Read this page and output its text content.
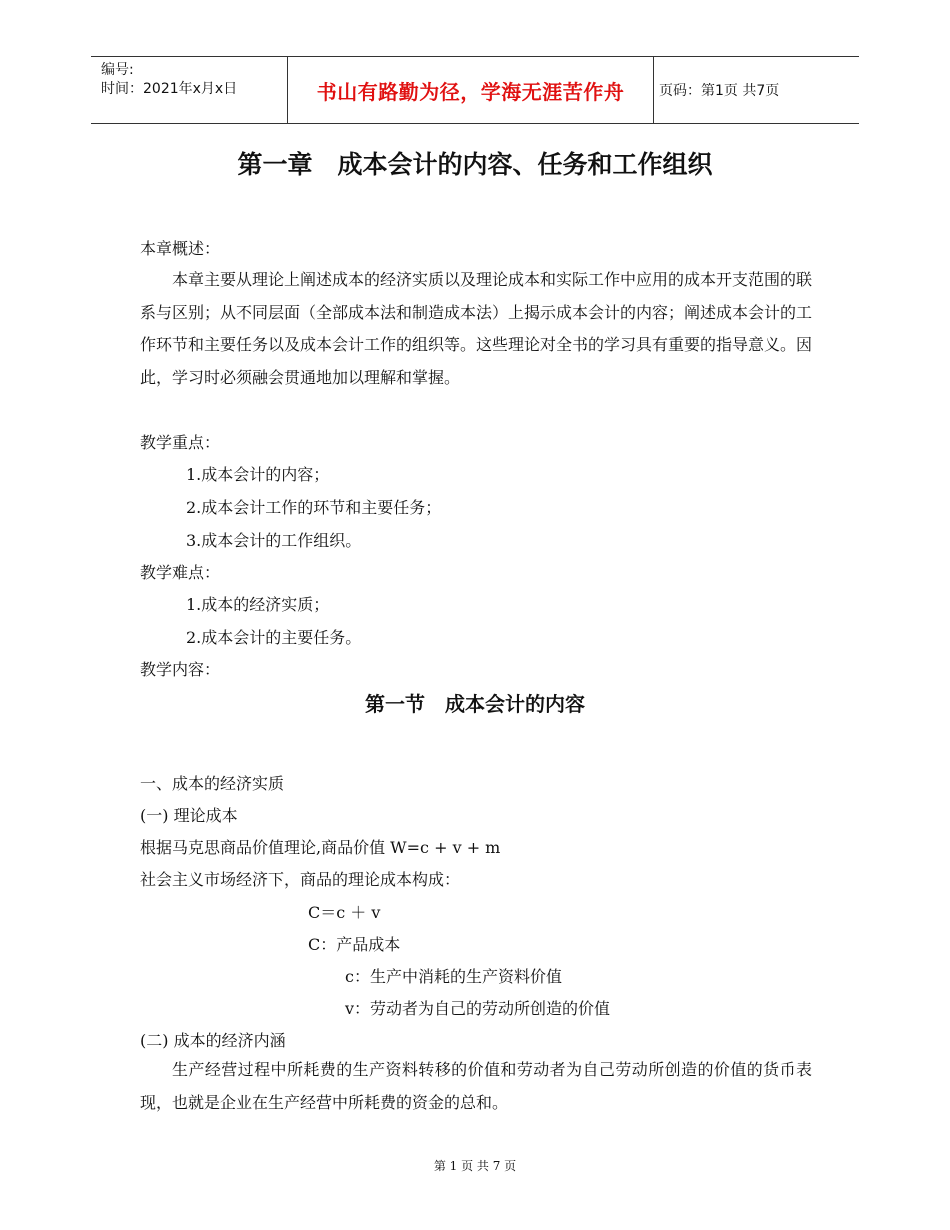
编号:
时间：2021年x月x日	书山有路勤为径，学海无涯苦作舟 页码：第1页 共7页
第一章　成本会计的内容、任务和工作组织
本章概述：
本章主要从理论上阐述成本的经济实质以及理论成本和实际工作中应用的成本开支范围的联系与区别；从不同层面（全部成本法和制造成本法）上揭示成本会计的内容；阐述成本会计的工作环节和主要任务以及成本会计工作的组织等。这些理论对全书的学习具有重要的指导意义。因此，学习时必须融会贯通地加以理解和掌握。
教学重点：
1.成本会计的内容；
2.成本会计工作的环节和主要任务；
3.成本会计的工作组织。
教学难点：
1.成本的经济实质；
2.成本会计的主要任务。
教学内容：
第一节　成本会计的内容
一、成本的经济实质
(一) 理论成本
根据马克思商品价值理论,商品价值 W=c + v + m
社会主义市场经济下，商品的理论成本构成：
C＝c ＋ v
C：产品成本
c：生产中消耗的生产资料价值
v：劳动者为自己的劳动所创造的价值
(二) 成本的经济内涵
生产经营过程中所耗费的生产资料转移的价值和劳动者为自己劳动所创造的价值的货币表现，也就是企业在生产经营中所耗费的资金的总和。
第 1 页 共 7 页
